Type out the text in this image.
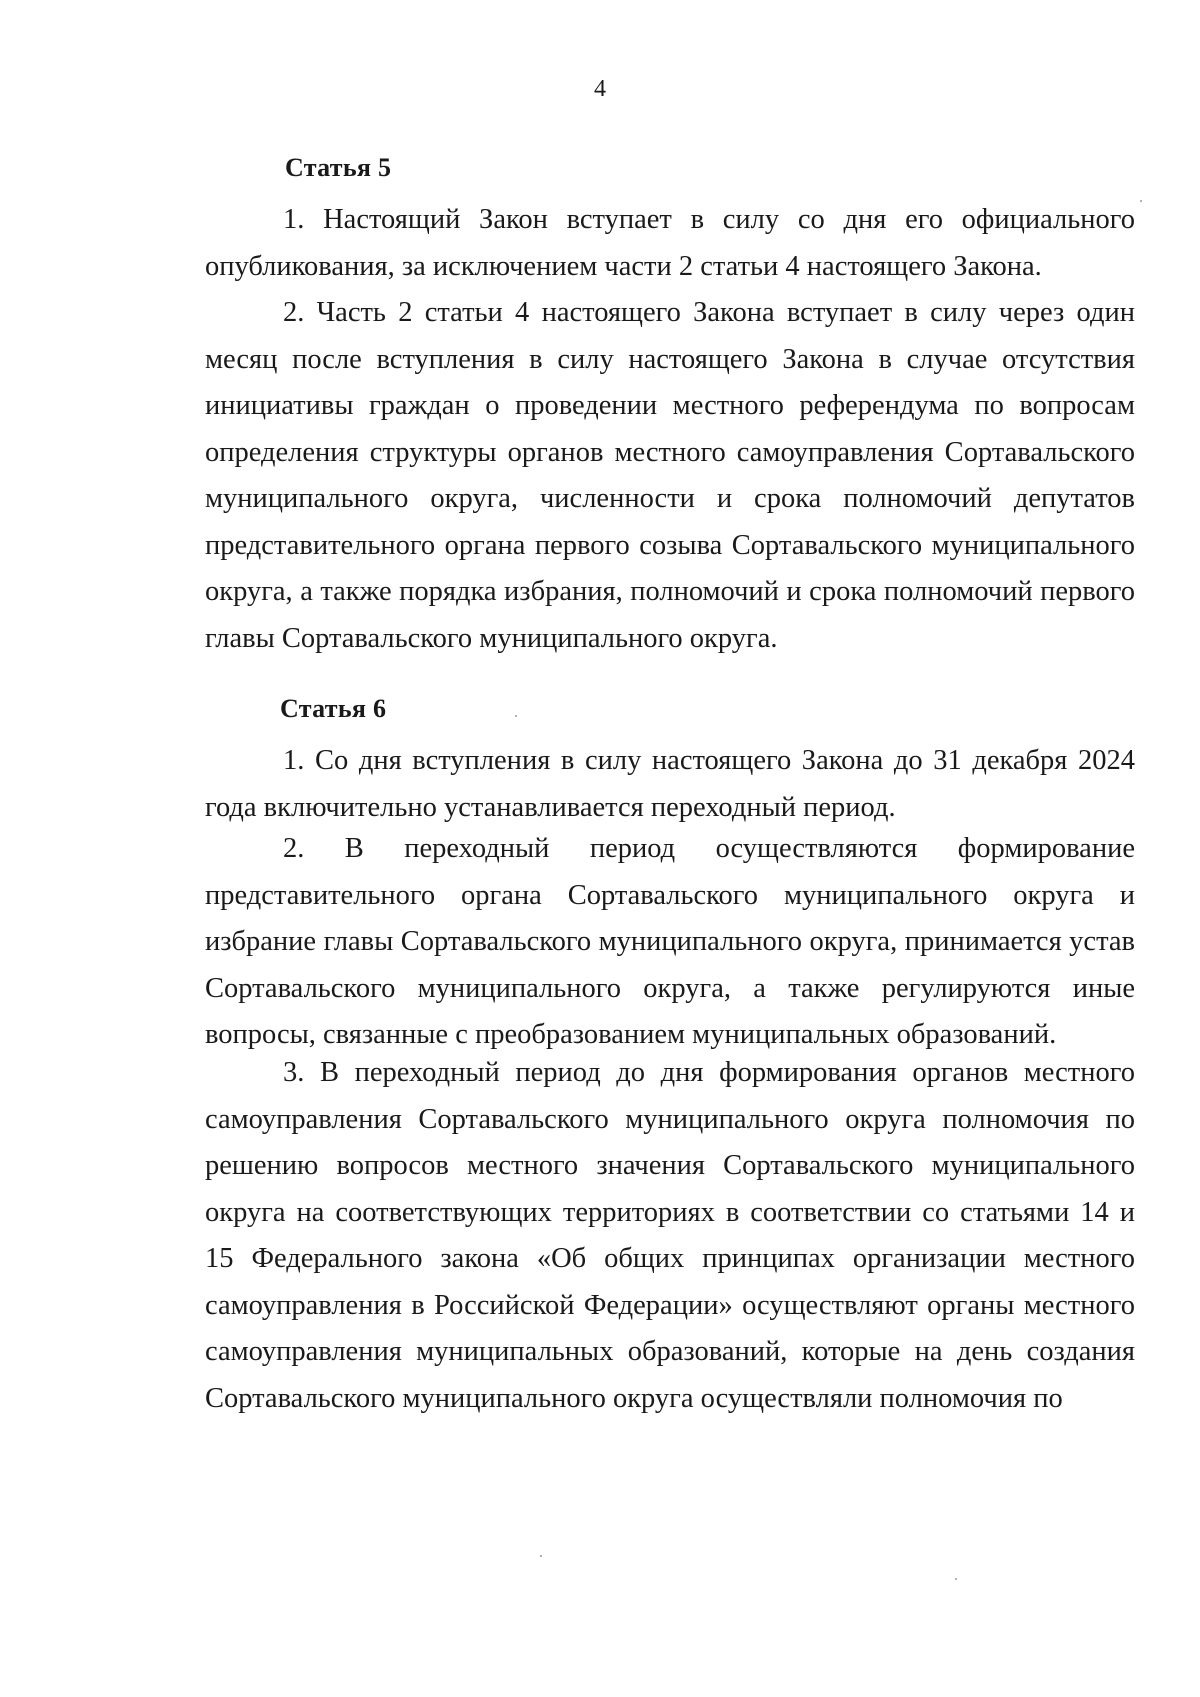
4
Статья 5

1. Настоящий Закон вступает в силу со дня его официального опубликования, за исключением части 2 статьи 4 настоящего Закона.

2. Часть 2 статьи 4 настоящего Закона вступает в силу через один месяц после вступления в силу настоящего Закона в случае отсутствия инициативы граждан о проведении местного референдума по вопросам определения структуры органов местного самоуправления Сортавальского муниципального округа, численности и срока полномочий депутатов представительного органа первого созыва Сортавальского муниципального округа, а также порядка избрания, полномочий и срока полномочий первого главы Сортавальского муниципального округа.

Статья 6

1. Со дня вступления в силу настоящего Закона до 31 декабря 2024 года включительно устанавливается переходный период.

2. В переходный период осуществляются формирование представительного органа Сортавальского муниципального округа и избрание главы Сортавальского муниципального округа, принимается устав Сортавальского муниципального округа, а также регулируются иные вопросы, связанные с преобразованием муниципальных образований.

3. В переходный период до дня формирования органов местного самоуправления Сортавальского муниципального округа полномочия по решению вопросов местного значения Сортавальского муниципального округа на соответствующих территориях в соответствии со статьями 14 и 15 Федерального закона «Об общих принципах организации местного самоуправления в Российской Федерации» осуществляют органы местного самоуправления муниципальных образований, которые на день создания Сортавальского муниципального округа осуществляли полномочия по
